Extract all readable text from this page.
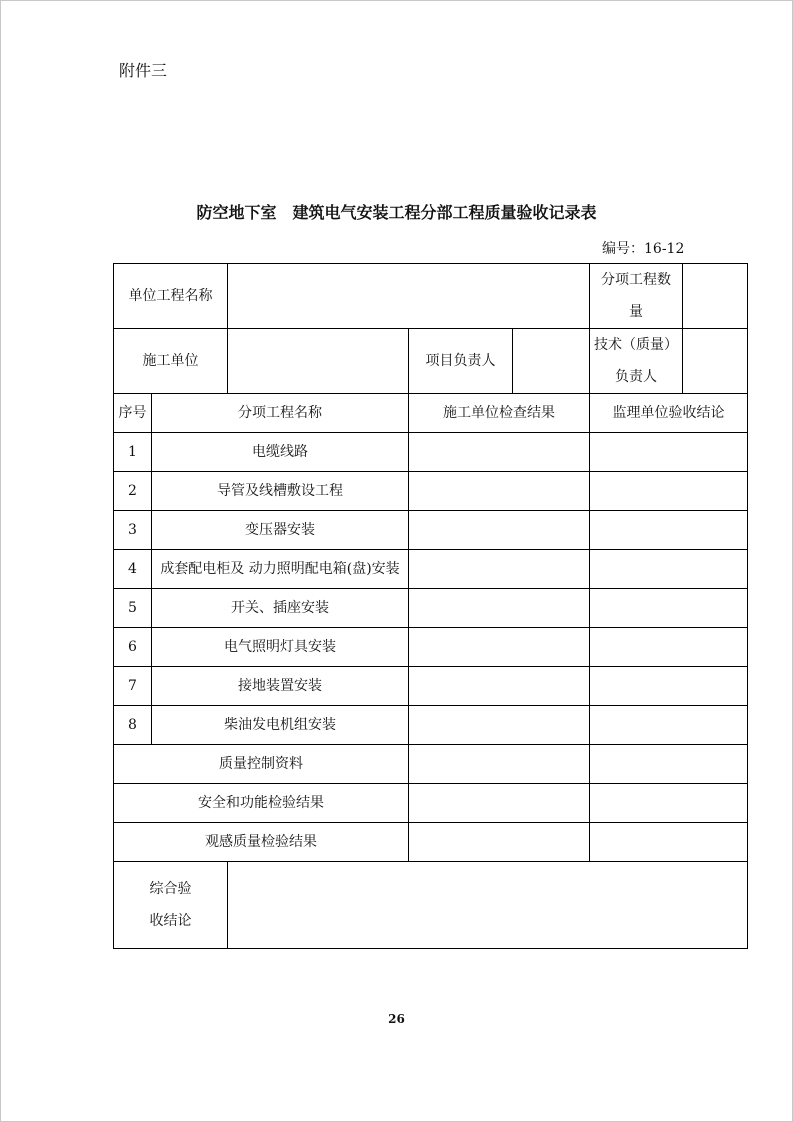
附件三
防空地下室　建筑电气安装工程分部工程质量验收记录表
编号：16-12
单位工程名称					分项工程数
量	

施工单位			项目负责人		技术（质量）
负责人	

序号	分项工程名称		施工单位检查结果		监理单位验收结论	
1	电缆线路					
2	导管及线槽敷设工程					
3	变压器安装					
4	成套配电柜及 动力照明配电箱(盘)安装					
5	开关、插座安装					
6	电气照明灯具安装					
7	接地装置安装					
8	柴油发电机组安装					
质量控制资料						
安全和功能检验结果						
观感质量检验结果						

综合验
收结论						

26
